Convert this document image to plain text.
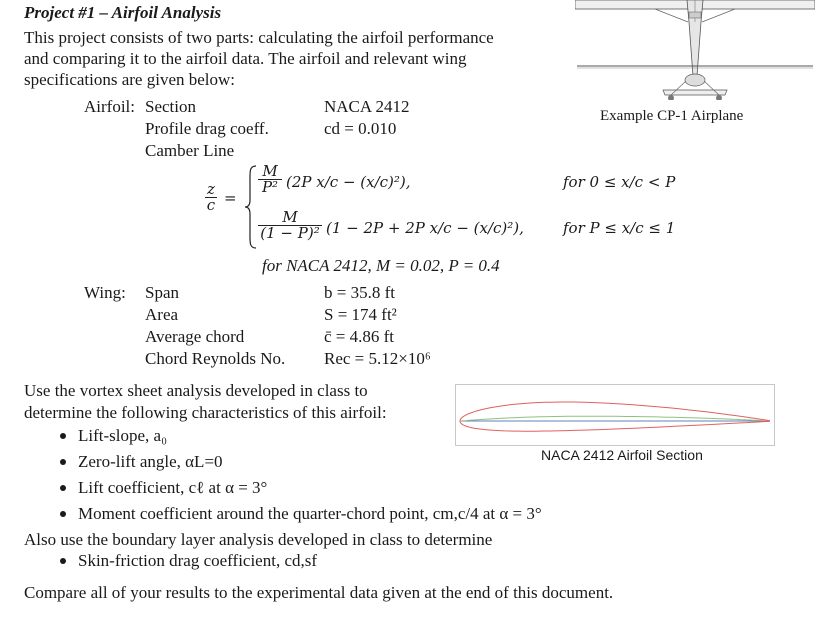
Project #1 – Airfoil Analysis
This project consists of two parts: calculating the airfoil performance
and comparing it to the airfoil data. The airfoil and relevant wing
specifications are given below:
Airfoil: Section	NACA 2412
Profile drag coeff.	cd = 0.010
Camber Line
z
c =
M
P² (2P x/c − (x/c)²),	for 0 ≤ x/c < P
M
(1 − P)² (1 − 2P + 2P x/c − (x/c)²),	for P ≤ x/c ≤ 1
for NACA 2412, M = 0.02, P = 0.4
Wing: Span	b = 35.8 ft
Area	S = 174 ft²
Average chord	c̄ = 4.86 ft
Chord Reynolds No. Rec = 5.12×10⁶
Use the vortex sheet analysis developed in class to
determine the following characteristics of this airfoil:
Lift-slope, a₀
Zero-lift angle, αL=0
Lift coefficient, cℓ at α = 3°
Moment coefficient around the quarter-chord point, cm,c/4 at α = 3°
Also use the boundary layer analysis developed in class to determine
Skin-friction drag coefficient, cd,sf
Compare all of your results to the experimental data given at the end of this document.
Example CP-1 Airplane
NACA 2412 Airfoil Section
